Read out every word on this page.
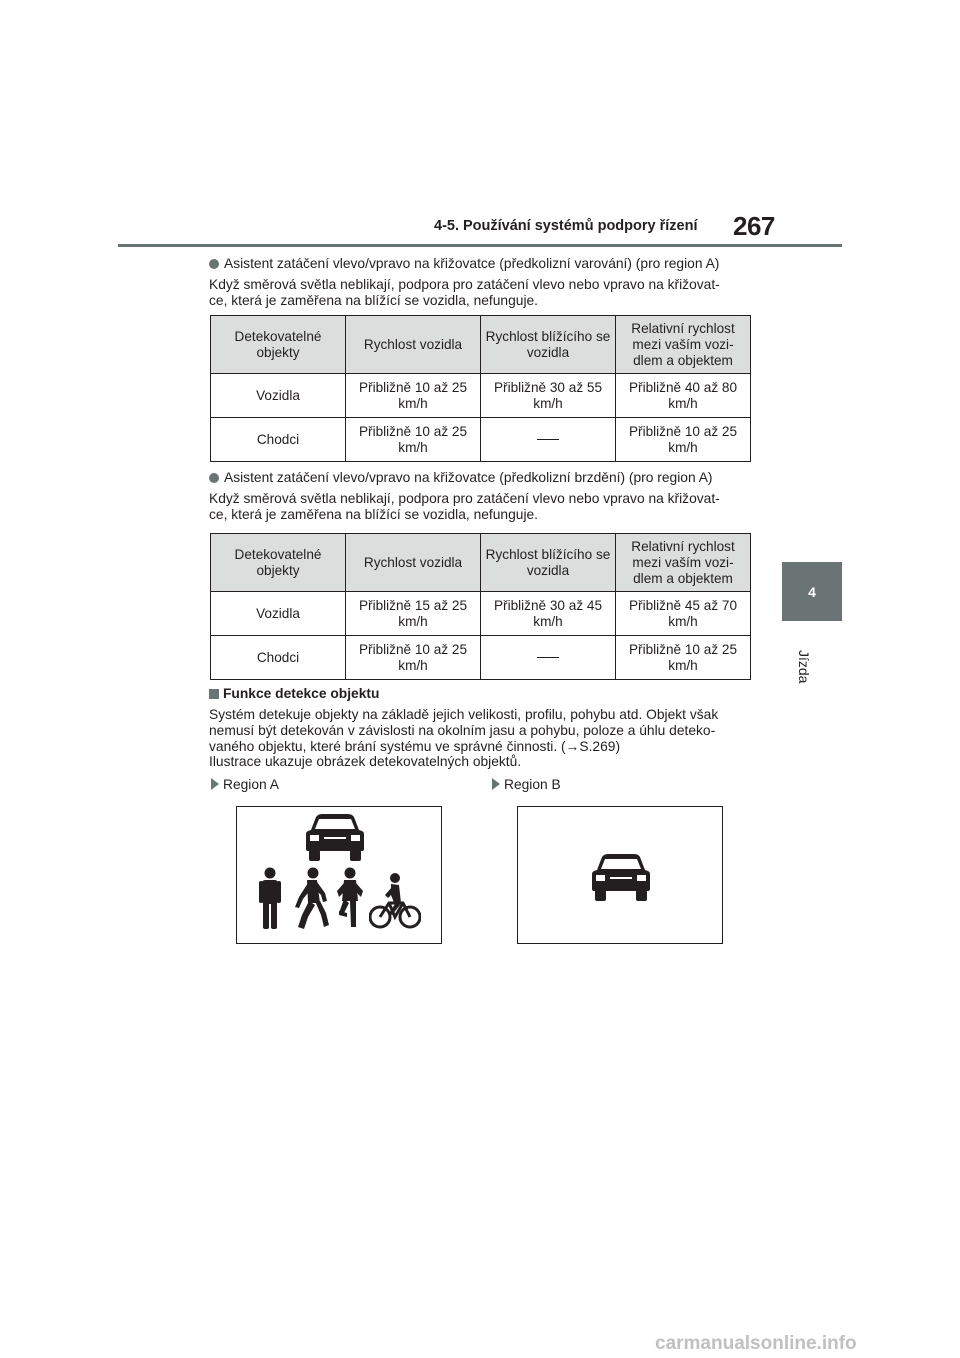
4-5. Používání systémů podpory řízení 267
4
Jízda
Asistent zatáčení vlevo/vpravo na křižovatce (předkolizní varování) (pro region A)
Když směrová světla neblikají, podpora pro zatáčení vlevo nebo vpravo na křižovat-
ce, která je zaměřena na blížící se vozidla, nefunguje.
Detekovatelné objekty	Rychlost vozidla	Rychlost blížícího se vozidla	Relativní rychlost mezi vaším vozi- dlem a objektem
Vozidla	Přibližně 10 až 25 km/h	Přibližně 30 až 55 km/h	Přibližně 40 až 80 km/h
Chodci	Přibližně 10 až 25 km/h		Přibližně 10 až 25 km/h
Asistent zatáčení vlevo/vpravo na křižovatce (předkolizní brzdění) (pro region A)
Když směrová světla neblikají, podpora pro zatáčení vlevo nebo vpravo na křižovat-
ce, která je zaměřena na blížící se vozidla, nefunguje.
Detekovatelné objekty	Rychlost vozidla	Rychlost blížícího se vozidla	Relativní rychlost mezi vaším vozi- dlem a objektem
Vozidla	Přibližně 15 až 25 km/h	Přibližně 30 až 45 km/h	Přibližně 45 až 70 km/h
Chodci	Přibližně 10 až 25 km/h		Přibližně 10 až 25 km/h
Funkce detekce objektu
Systém detekuje objekty na základě jejich velikosti, profilu, pohybu atd. Objekt však
nemusí být detekován v závislosti na okolním jasu a pohybu, poloze a úhlu deteko-
vaného objektu, které brání systému ve správné činnosti. (→S.269)
Ilustrace ukazuje obrázek detekovatelných objektů.
Region A	Region B
carmanualsonline.info
